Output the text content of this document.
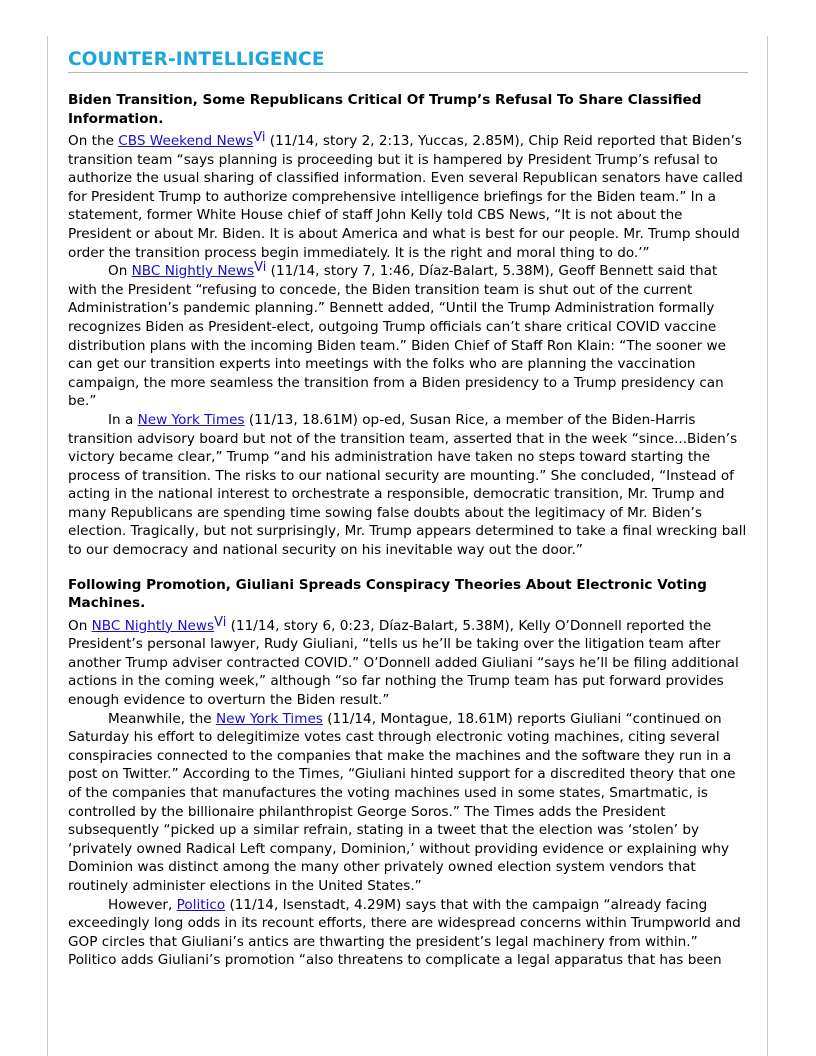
COUNTER-INTELLIGENCE
Biden Transition, Some Republicans Critical Of Trump’s Refusal To Share Classified Information.

On the CBS Weekend News$^{Vi}$ (11/14, story 2, 2:13, Yuccas, 2.85M), Chip Reid reported that Biden’s transition team “says planning is proceeding but it is hampered by President Trump’s refusal to authorize the usual sharing of classified information. Even several Republican senators have called for President Trump to authorize comprehensive intelligence briefings for the Biden team.” In a statement, former White House chief of staff John Kelly told CBS News, “It is not about the President or about Mr. Biden. It is about America and what is best for our people. Mr. Trump should order the transition process begin immediately. It is the right and moral thing to do.’”

On NBC Nightly News$^{Vi}$ (11/14, story 7, 1:46, Díaz-Balart, 5.38M), Geoff Bennett said that with the President “refusing to concede, the Biden transition team is shut out of the current Administration’s pandemic planning.” Bennett added, “Until the Trump Administration formally recognizes Biden as President-elect, outgoing Trump officials can’t share critical COVID vaccine distribution plans with the incoming Biden team.” Biden Chief of Staff Ron Klain: “The sooner we can get our transition experts into meetings with the folks who are planning the vaccination campaign, the more seamless the transition from a Biden presidency to a Trump presidency can be.”

In a New York Times (11/13, 18.61M) op-ed, Susan Rice, a member of the Biden-Harris transition advisory board but not of the transition team, asserted that in the week “since...Biden’s victory became clear,” Trump “and his administration have taken no steps toward starting the process of transition. The risks to our national security are mounting.” She concluded, “Instead of acting in the national interest to orchestrate a responsible, democratic transition, Mr. Trump and many Republicans are spending time sowing false doubts about the legitimacy of Mr. Biden’s election. Tragically, but not surprisingly, Mr. Trump appears determined to take a final wrecking ball to our democracy and national security on his inevitable way out the door.”

Following Promotion, Giuliani Spreads Conspiracy Theories About Electronic Voting Machines.

On NBC Nightly News$^{Vi}$ (11/14, story 6, 0:23, Díaz-Balart, 5.38M), Kelly O’Donnell reported the President’s personal lawyer, Rudy Giuliani, “tells us he’ll be taking over the litigation team after another Trump adviser contracted COVID.” O’Donnell added Giuliani “says he’ll be filing additional actions in the coming week,” although “so far nothing the Trump team has put forward provides enough evidence to overturn the Biden result.”

Meanwhile, the New York Times (11/14, Montague, 18.61M) reports Giuliani “continued on Saturday his effort to delegitimize votes cast through electronic voting machines, citing several conspiracies connected to the companies that make the machines and the software they run in a post on Twitter.” According to the Times, “Giuliani hinted support for a discredited theory that one of the companies that manufactures the voting machines used in some states, Smartmatic, is controlled by the billionaire philanthropist George Soros.” The Times adds the President subsequently “picked up a similar refrain, stating in a tweet that the election was ‘stolen’ by ‘privately owned Radical Left company, Dominion,’ without providing evidence or explaining why Dominion was distinct among the many other privately owned election system vendors that routinely administer elections in the United States.”

However, Politico (11/14, Isenstadt, 4.29M) says that with the campaign “already facing exceedingly long odds in its recount efforts, there are widespread concerns within Trumpworld and GOP circles that Giuliani’s antics are thwarting the president’s legal machinery from within.” Politico adds Giuliani’s promotion “also threatens to complicate a legal apparatus that has been
